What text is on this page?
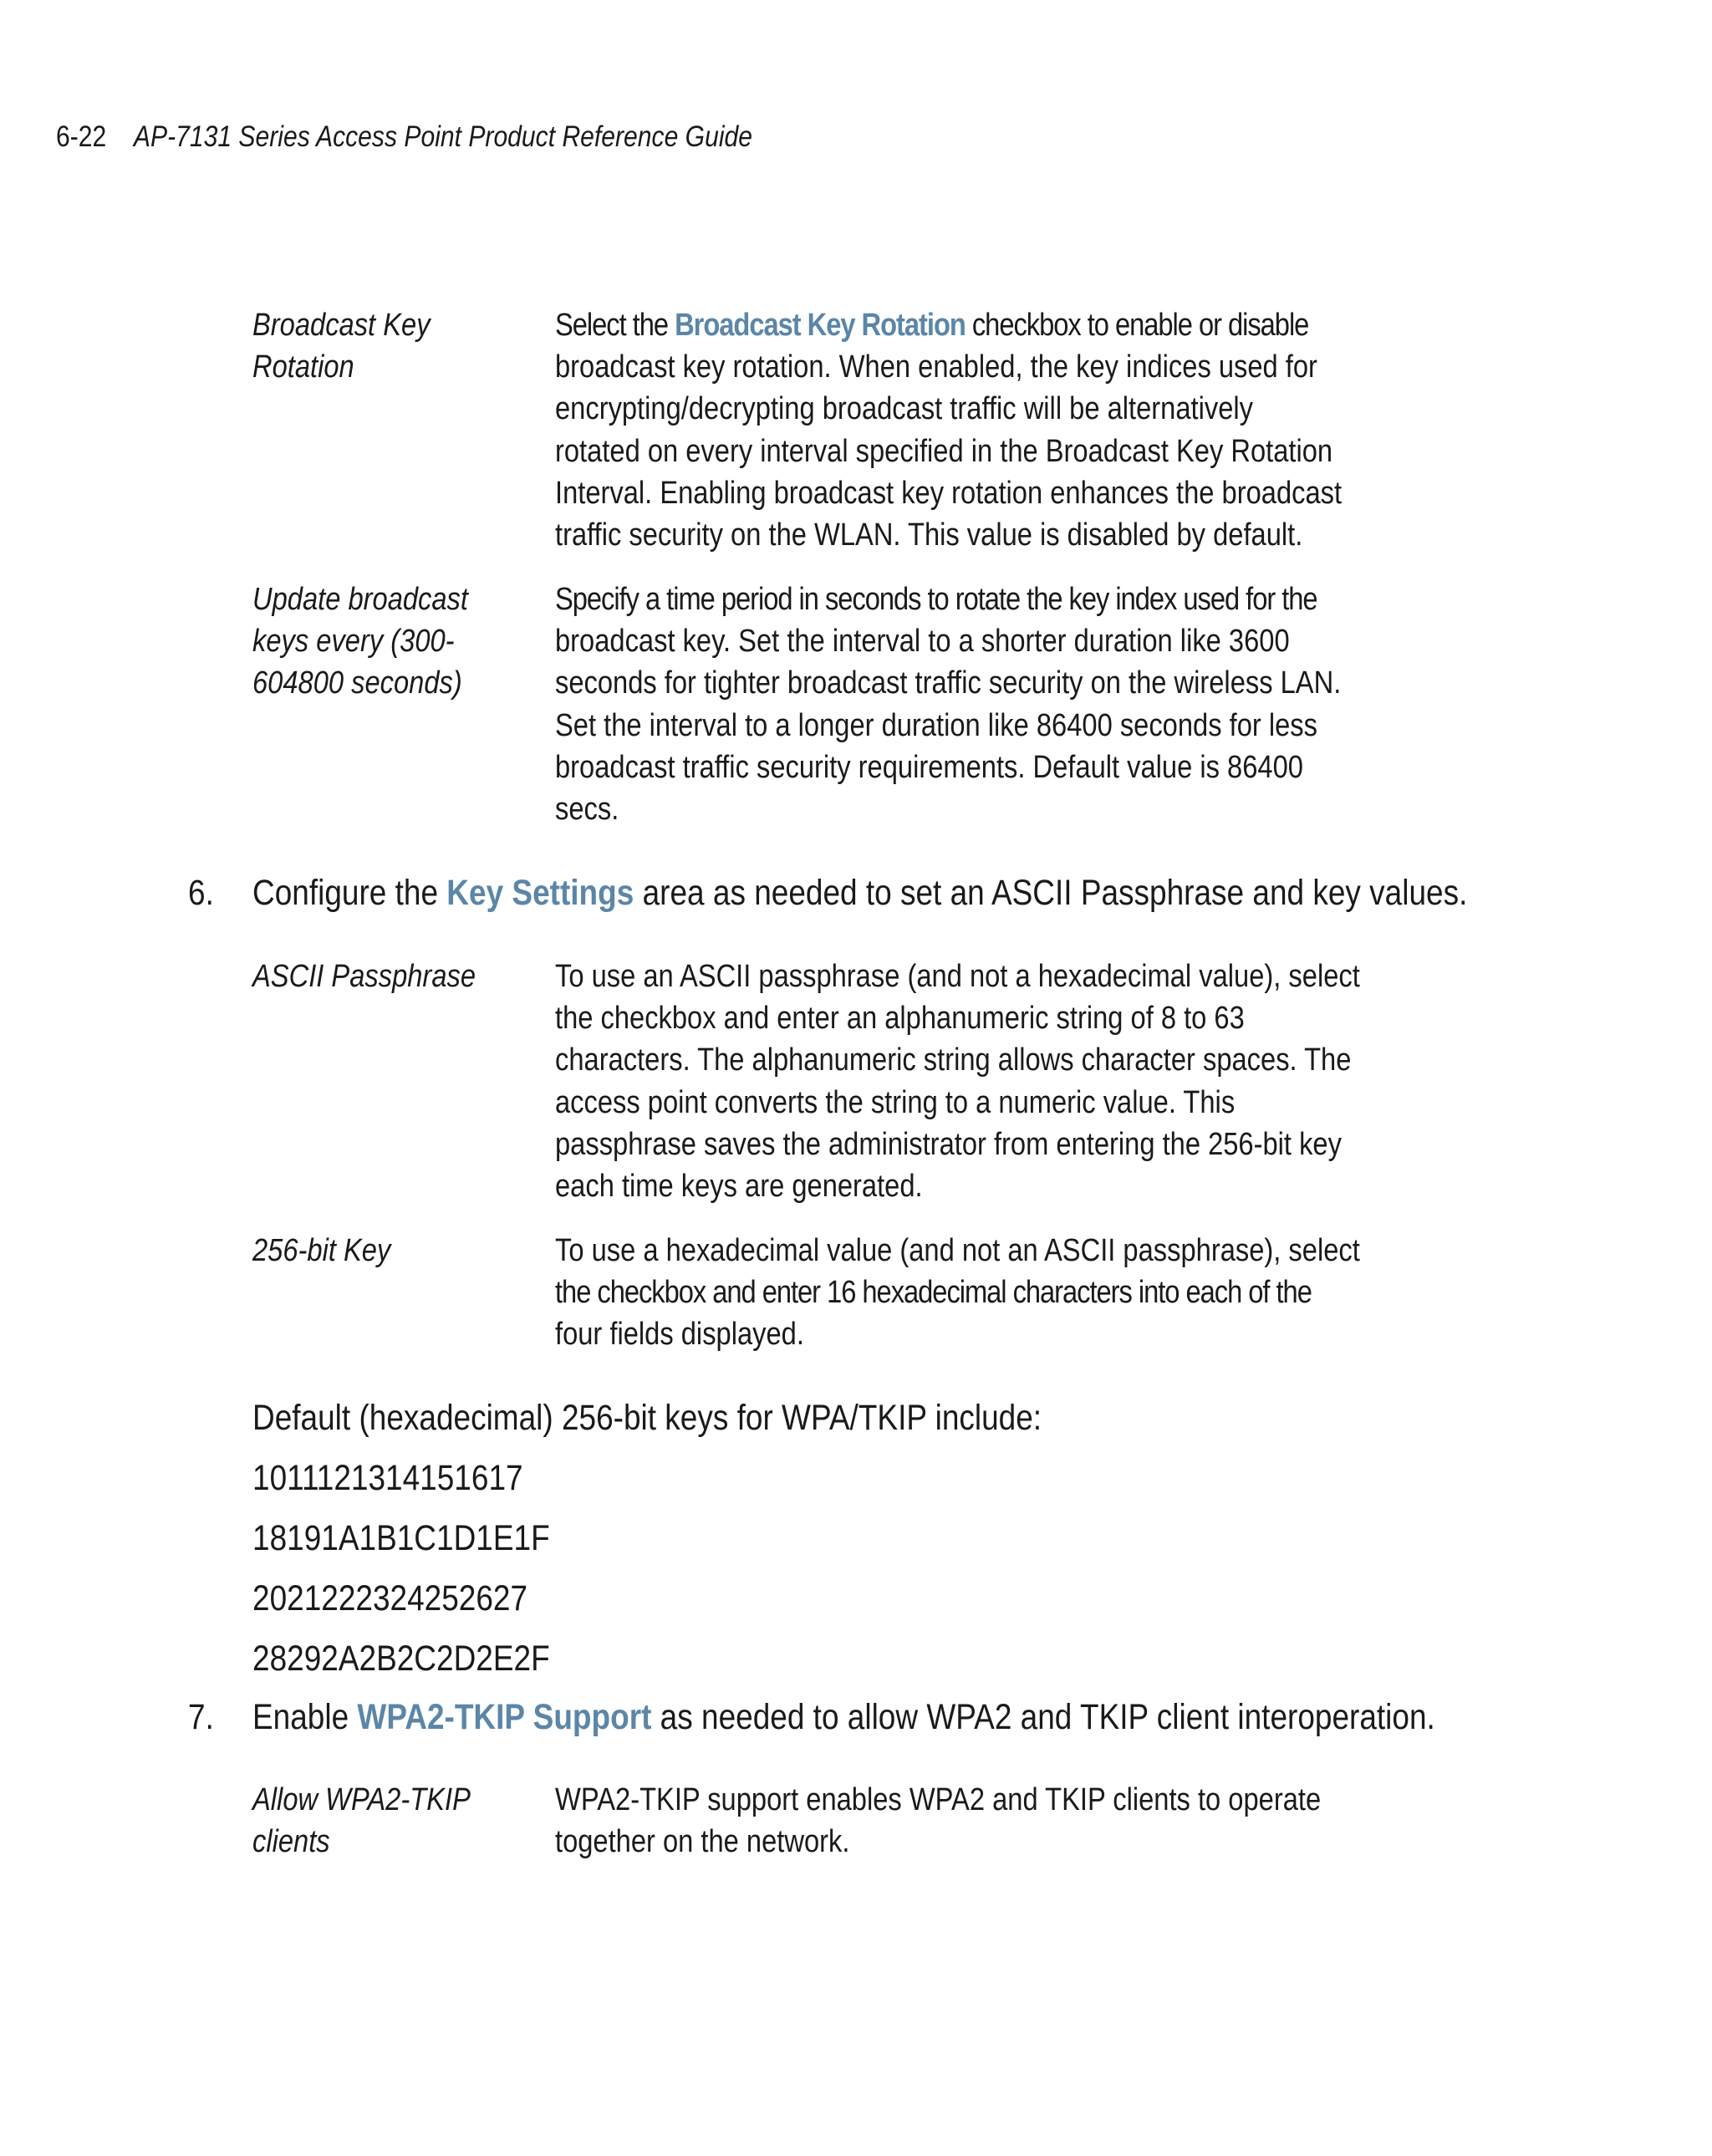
6-22 AP-7131 Series Access Point Product Reference Guide
Broadcast Key
Rotation
Select the Broadcast Key Rotation checkbox to enable or disable
broadcast key rotation. When enabled, the key indices used for
encrypting/decrypting broadcast traffic will be alternatively
rotated on every interval specified in the Broadcast Key Rotation
Interval. Enabling broadcast key rotation enhances the broadcast
traffic security on the WLAN. This value is disabled by default.
Update broadcast
keys every (300-
604800 seconds)
Specify a time period in seconds to rotate the key index used for the
broadcast key. Set the interval to a shorter duration like 3600
seconds for tighter broadcast traffic security on the wireless LAN.
Set the interval to a longer duration like 86400 seconds for less
broadcast traffic security requirements. Default value is 86400
secs.
6. Configure the Key Settings area as needed to set an ASCII Passphrase and key values.
ASCII Passphrase	To use an ASCII passphrase (and not a hexadecimal value), select
the checkbox and enter an alphanumeric string of 8 to 63
characters. The alphanumeric string allows character spaces. The
access point converts the string to a numeric value. This
passphrase saves the administrator from entering the 256-bit key
each time keys are generated.
256-bit Key	To use a hexadecimal value (and not an ASCII passphrase), select
the checkbox and enter 16 hexadecimal characters into each of the
four fields displayed.
Default (hexadecimal) 256-bit keys for WPA/TKIP include:
1011121314151617
18191A1B1C1D1E1F
2021222324252627
28292A2B2C2D2E2F
7. Enable WPA2-TKIP Support as needed to allow WPA2 and TKIP client interoperation.
Allow WPA2-TKIP
clients
WPA2-TKIP support enables WPA2 and TKIP clients to operate
together on the network.
